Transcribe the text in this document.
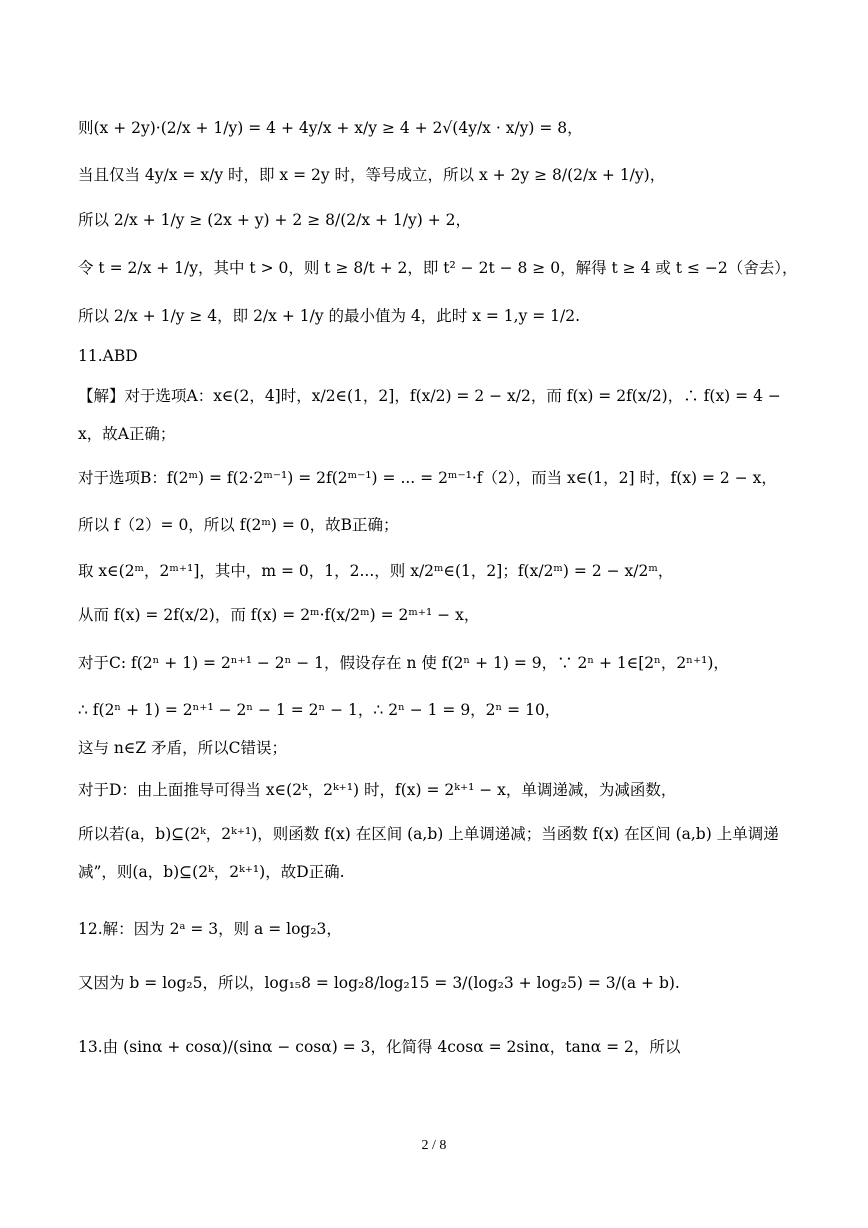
则(x + 2y)·(2/x + 1/y) = 4 + 4y/x + x/y ≥ 4 + 2√(4y/x · x/y) = 8，
当且仅当 4y/x = x/y 时，即 x = 2y 时，等号成立，所以 x + 2y ≥ 8/(2/x + 1/y)，
所以 2/x + 1/y ≥ (2x + y) + 2 ≥ 8/(2/x + 1/y) + 2，
令 t = 2/x + 1/y，其中 t > 0，则 t ≥ 8/t + 2，即 t² − 2t − 8 ≥ 0，解得 t ≥ 4 或 t ≤ −2（舍去），
所以 2/x + 1/y ≥ 4，即 2/x + 1/y 的最小值为 4，此时 x = 1,y = 1/2.
11.ABD
【解】对于选项A：x∈(2，4]时，x/2∈(1，2]，f(x/2) = 2 − x/2，而 f(x) = 2f(x/2)，∴ f(x) = 4 − x，故A正确；
对于选项B：f(2ᵐ) = f(2·2ᵐ⁻¹) = 2f(2ᵐ⁻¹) = ... = 2ᵐ⁻¹·f（2），而当 x∈(1，2] 时，f(x) = 2 − x，
所以 f（2）= 0，所以 f(2ᵐ) = 0，故B正确；
取 x∈(2ᵐ，2ᵐ⁺¹]，其中，m = 0，1，2...，则 x/2ᵐ∈(1，2]；f(x/2ᵐ) = 2 − x/2ᵐ，
从而 f(x) = 2f(x/2)，而 f(x) = 2ᵐ·f(x/2ᵐ) = 2ᵐ⁺¹ − x，
对于C: f(2ⁿ + 1) = 2ⁿ⁺¹ − 2ⁿ − 1，假设存在 n 使 f(2ⁿ + 1) = 9，∵ 2ⁿ + 1∈[2ⁿ，2ⁿ⁺¹)，
∴ f(2ⁿ + 1) = 2ⁿ⁺¹ − 2ⁿ − 1 = 2ⁿ − 1，∴ 2ⁿ − 1 = 9，2ⁿ = 10，
这与 n∈Z 矛盾，所以C错误；
对于D：由上面推导可得当 x∈(2ᵏ，2ᵏ⁺¹) 时，f(x) = 2ᵏ⁺¹ − x，单调递减，为减函数，
所以若(a，b)⊆(2ᵏ，2ᵏ⁺¹)，则函数 f(x) 在区间 (a,b) 上单调递减；当函数 f(x) 在区间 (a,b) 上单调递减”，则(a，b)⊆(2ᵏ，2ᵏ⁺¹)，故D正确.
12.解：因为 2ᵃ = 3，则 a = log₂3，
又因为 b = log₂5，所以，log₁₅8 = log₂8/log₂15 = 3/(log₂3 + log₂5) = 3/(a + b).
13.由 (sinα + cosα)/(sinα − cosα) = 3，化简得 4cosα = 2sinα，tanα = 2，所以
2 / 8
